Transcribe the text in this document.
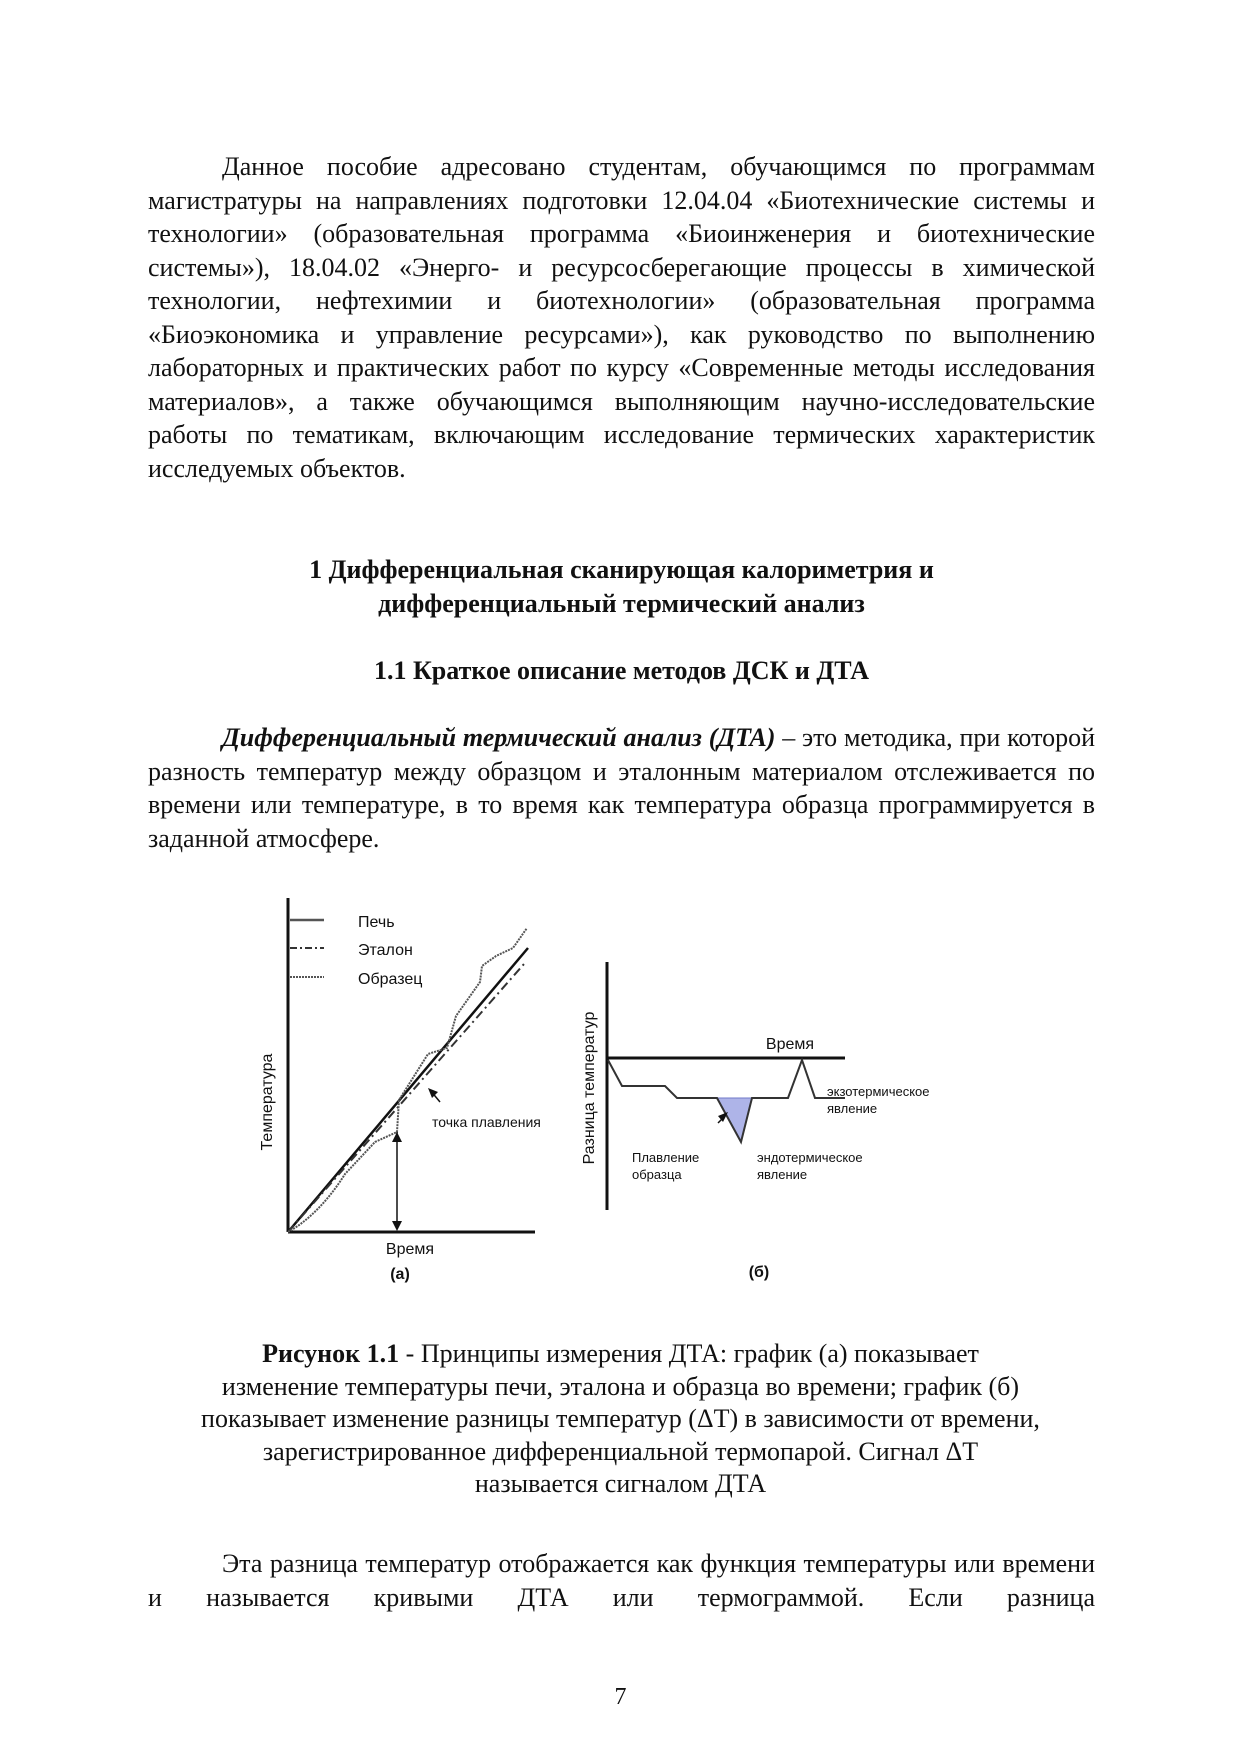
Данное пособие адресовано студентам, обучающимся по программам магистратуры на направлениях подготовки 12.04.04 «Биотехнические системы и технологии» (образовательная программа «Биоинженерия и биотехнические системы»), 18.04.02 «Энерго- и ресурсосберегающие процессы в химической технологии, нефтехимии и биотехнологии» (образовательная программа «Биоэкономика и управление ресурсами»), как руководство по выполнению лабораторных и практических работ по курсу «Современные методы исследования материалов», а также обучающимся выполняющим научно-исследовательские работы по тематикам, включающим исследование термических характеристик исследуемых объектов.

1 Дифференциальная сканирующая калориметрия и
дифференциальный термический анализ
1.1 Краткое описание методов ДСК и ДТА

Дифференциальный термический анализ (ДТА) – это методика, при которой разность температур между образцом и эталонным материалом отслеживается по времени или температуре, в то время как температура образца программируется в заданной атмосфере.

Печь
Эталон
Образец
точка плавления
Температура
Время
(а)
Время
Разница температур	экзотермическое
явление
Плавление
образца
эндотермическое
явление
(б)
Рисунок 1.1 - Принципы измерения ДТА: график (а) показывает
изменение температуры печи, эталона и образца во времени; график (б)
показывает изменение разницы температур (ΔT) в зависимости от времени,
зарегистрированное дифференциальной термопарой. Сигнал ΔT
называется сигналом ДТА

Эта разница температур отображается как функция температуры или времени и называется кривыми ДТА или термограммой. Если разница

7
